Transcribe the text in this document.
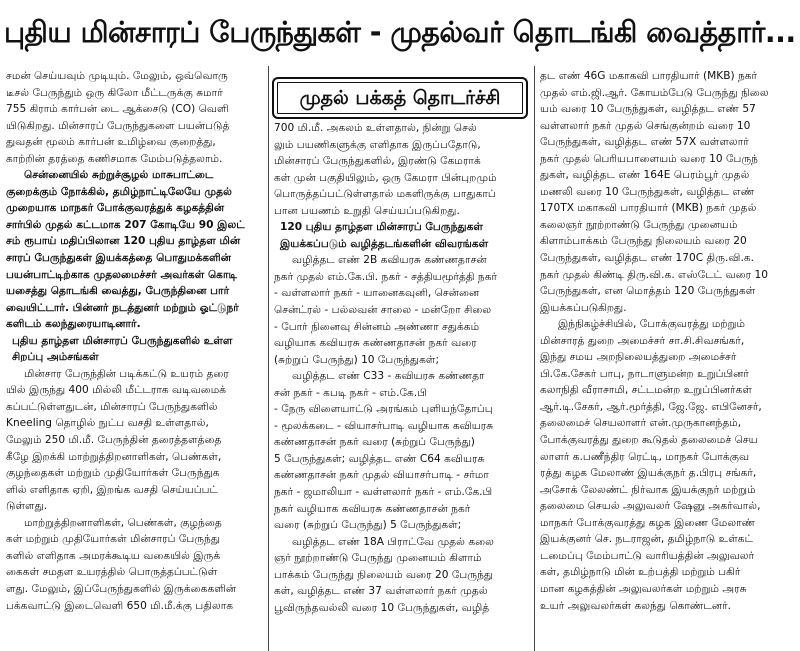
புதிய மின்சாரப் பேருந்துகள் - முதல்வர் தொடங்கி வைத்தார்...
சமன் செய்யவும் முடியும். மேலும், ஒவ்வொரு
டீசல் பேருந்தும் ஒரு கிலோ மீட்டருக்கு சுமார்
755 கிராம் கார்பன் டை ஆக்சைடு (CO) வெளி
யிடுகிறது. மின்சாரப் பேருந்துகளை பயன்படுத்
துவதன் மூலம் கார்பன் உமிழ்வை குறைத்து,
காற்றின் தரத்தை கணிசமாக மேம்படுத்தலாம்.
சென்னையில் சுற்றுச்சூழல் மாசுபாட்டை
குறைக்கும் நோக்கில், தமிழ்நாட்டிலேயே முதல்
முறையாக மாநகர் போக்குவரத்துக் கழகத்தின்
சார்பில் முதல் கட்டமாக 207 கோடியே 90 இலட்
சம் ரூபாய் மதிப்பிலான 120 புதிய தாழ்தள மின்
சாரப் பேருந்துகள் இயக்கத்தை பொதுமக்களின்
பயன்பாட்டிற்காக முதலமைச்சர் அவர்கள் கொடி
யசைத்து தொடங்கி வைத்து, பேருந்தினை பார்
வையிட்டார். பின்னர் நடத்துனர் மற்றும் ஓட்டுநர்
களிடம் கலந்துரையாடினார்.
புதிய தாழ்தள மின்சாரப் பேருந்துகளில் உள்ள
சிறப்பு அம்சங்கள்
மின்சார பேருந்தின் படிக்கட்டு உயரம் தரை
யில் இருந்து 400 மில்லி மீட்டராக வடிவமைக்
கப்பட்டுள்ளதுடன், மின்சாரப் பேருந்துகளில்
Kneeling தொழில் நுட்ப வசதி உள்ளதால்,
மேலும் 250 மி.மீ. பேருந்தின் தரைத்தளத்தை
கீழே இறக்கி மாற்றுத்திறனாளிகள், பெண்கள்,
குழந்தைகள் மற்றும் முதியோர்கள் பேருந்துக
ளில் எளிதாக ஏறி, இறங்க வசதி செய்யப்பட்
டுள்ளது.
மாற்றுத்திறனாளிகள், பெண்கள், குழந்தை
கள் மற்றும் முதியோர்கள் மின்சாரப் பேருந்து
களில் எளிதாக அமரக்கூடிய வகையில் இருக்
கைகள் சமதள உயரத்தில் பொருத்தப்பட்டுள்
ளது. மேலும், இப்பேருந்துகளில் இருக்கைகளின்
பக்கவாட்டு இடைவெளி 650 மி.மீ.க்கு பதிலாக
முதல் பக்கத் தொடர்ச்சி
700 மி.மீ. அகலம் உள்ளதால், நின்று செல்
லும் பயணிகளுக்கு எளிதாக இருப்பதோடு,
மின்சாரப் பேருந்துகளில், இரண்டு கேமராக்
கள் முன் பகுதியிலும், ஒரு கேமரா பின்புறமும்
பொருத்தப்பட்டுள்ளதால் மகளிருக்கு பாதுகாப்
பான பயணம் உறுதி செய்யப்படுகிறது.
120 புதிய தாழ்தள மின்சாரப் பேருந்துகள்
இயக்கப்படும் வழித்தடங்களின் விவரங்கள்
வழித்தட எண் 2B கவியரசு கண்ணதாசன்
நகர் முதல் எம்.கே.பி. நகர் - சத்தியமூர்த்தி நகர்
- வள்ளலார் நகர் - யானைகவுனி, சென்னை
சென்ட்ரல் - பல்லவன் சாலை - மன்றோ சிலை
- போர் நினைவு சின்னம் அண்ணா சதுக்கம்
வழியாக கவியரசு கண்ணதாசன் நகர் வரை
(சுற்றுப் பேருந்து) 10 பேருந்துகள்;
வழித்தட எண் C33 - கவியரசு கண்ணதா
சன் நகர் - கபடி நகர் - எம்.கே.பி
- நேரு விளையாட்டு அரங்கம் புளியந்தோப்பு
- மூலக்கடை - வியாசர்பாடி வழியாக கவியரசு
கண்ணதாசன் நகர் வரை (சுற்றுப் பேருந்து)
5 பேருந்துகள்; வழித்தட எண் C64 கவியரசு
கண்ணதாசன் நகர் முதல் வியாசர்பாடி - சர்மா
நகர் - ஜமாலியா - வள்ளலார் நகர் - எம்.கே.பி
நகர் வழியாக கவியரசு கண்ணதாசன் நகர்
வரை (சுற்றுப் பேருந்து) 5 பேருந்துகள்;
வழித்தட எண் 18A பிராட்வே முதல் கலை
ஞர் நூற்றாண்டு பேருந்து முனையம் கிளாம்
பாக்கம் பேருந்து நிலையம் வரை 20 பேருந்து
கள், வழித்தட எண் 37 வள்ளலார் நகர் முதல்
பூவிருந்தவல்லி வரை 10 பேருந்துகள், வழித்
தட எண் 46G மகாகவி பாரதியார் (MKB) நகர்
முதல் எம்.ஜி.ஆர். கோயம்பேடு பேருந்து நிலை
யம் வரை 10 பேருந்துகள், வழித்தட எண் 57
வள்ளலார் நகர் முதல் செங்குன்றம் வரை 10
பேருந்துகள், வழித்தட எண் 57X வள்ளலார்
நகர் முதல் பெரியபாளையம் வரை 10 பேருந்
துகள், வழித்தட எண் 164E பெரம்பூர் முதல்
மணலி வரை 10 பேருந்துகள், வழித்தட எண்
170TX மகாகவி பாரதியார் (MKB) நகர் முதல்
கலைஞர் நூற்றாண்டு பேருந்து முனையம்
கிளாம்பாக்கம் பேருந்து நிலையம் வரை 20
பேருந்துகள், வழித்தட எண் 170C திரு.வி.க.
நகர் முதல் கிண்டி திரு.வி.க. எஸ்டேட் வரை 10
பேருந்துகள், என மொத்தம் 120 பேருந்துகள்
இயக்கப்படுகிறது.
இந்நிகழ்ச்சியில், போக்குவரத்து மற்றும்
மின்சாரத் துறை அமைச்சர் சா.சி.சிவசங்கர்,
இந்து சமய அறநிலையத்துறை அமைச்சர்
பி.கே.சேகர் பாபு, நாடாளுமன்ற உறுப்பினர்
கலாநிதி வீராசாமி, சட்டமன்ற உறுப்பினர்கள்
ஆர்.டி.சேகர், ஆர்.மூர்த்தி, ஜே.ஜே. எபினேசர்,
தலைமைச் செயலாளர் என்.முருகானந்தம்,
போக்குவரத்து துறை கூடுதல் தலைமைச் செய
லாளர் க.பணீந்திர ரெட்டி, மாநகர் போக்குவ
ரத்து கழக மேலாண் இயக்குநர் த.பிரபு சங்கர்,
அசோக் லேலண்ட் நிர்வாக இயக்குநர் மற்றும்
தலைமை செயல் அலுவலர் ஷேனு அகர்வால்,
மாநகர் போக்குவரத்து கழக இணை மேலாண்
இயக்குனர் செ. நடராஜன், தமிழ்நாடு உள்கட்
டமைப்பு மேம்பாட்டு வாரியத்தின் அலுவலர்
கள், தமிழ்நாடு மின் உற்பத்தி மற்றும் பகிர்
மான கழகத்தின் அலுவலர்கள் மற்றும் அரசு
உயர் அலுவலர்கள் கலந்து கொண்டனர்.
